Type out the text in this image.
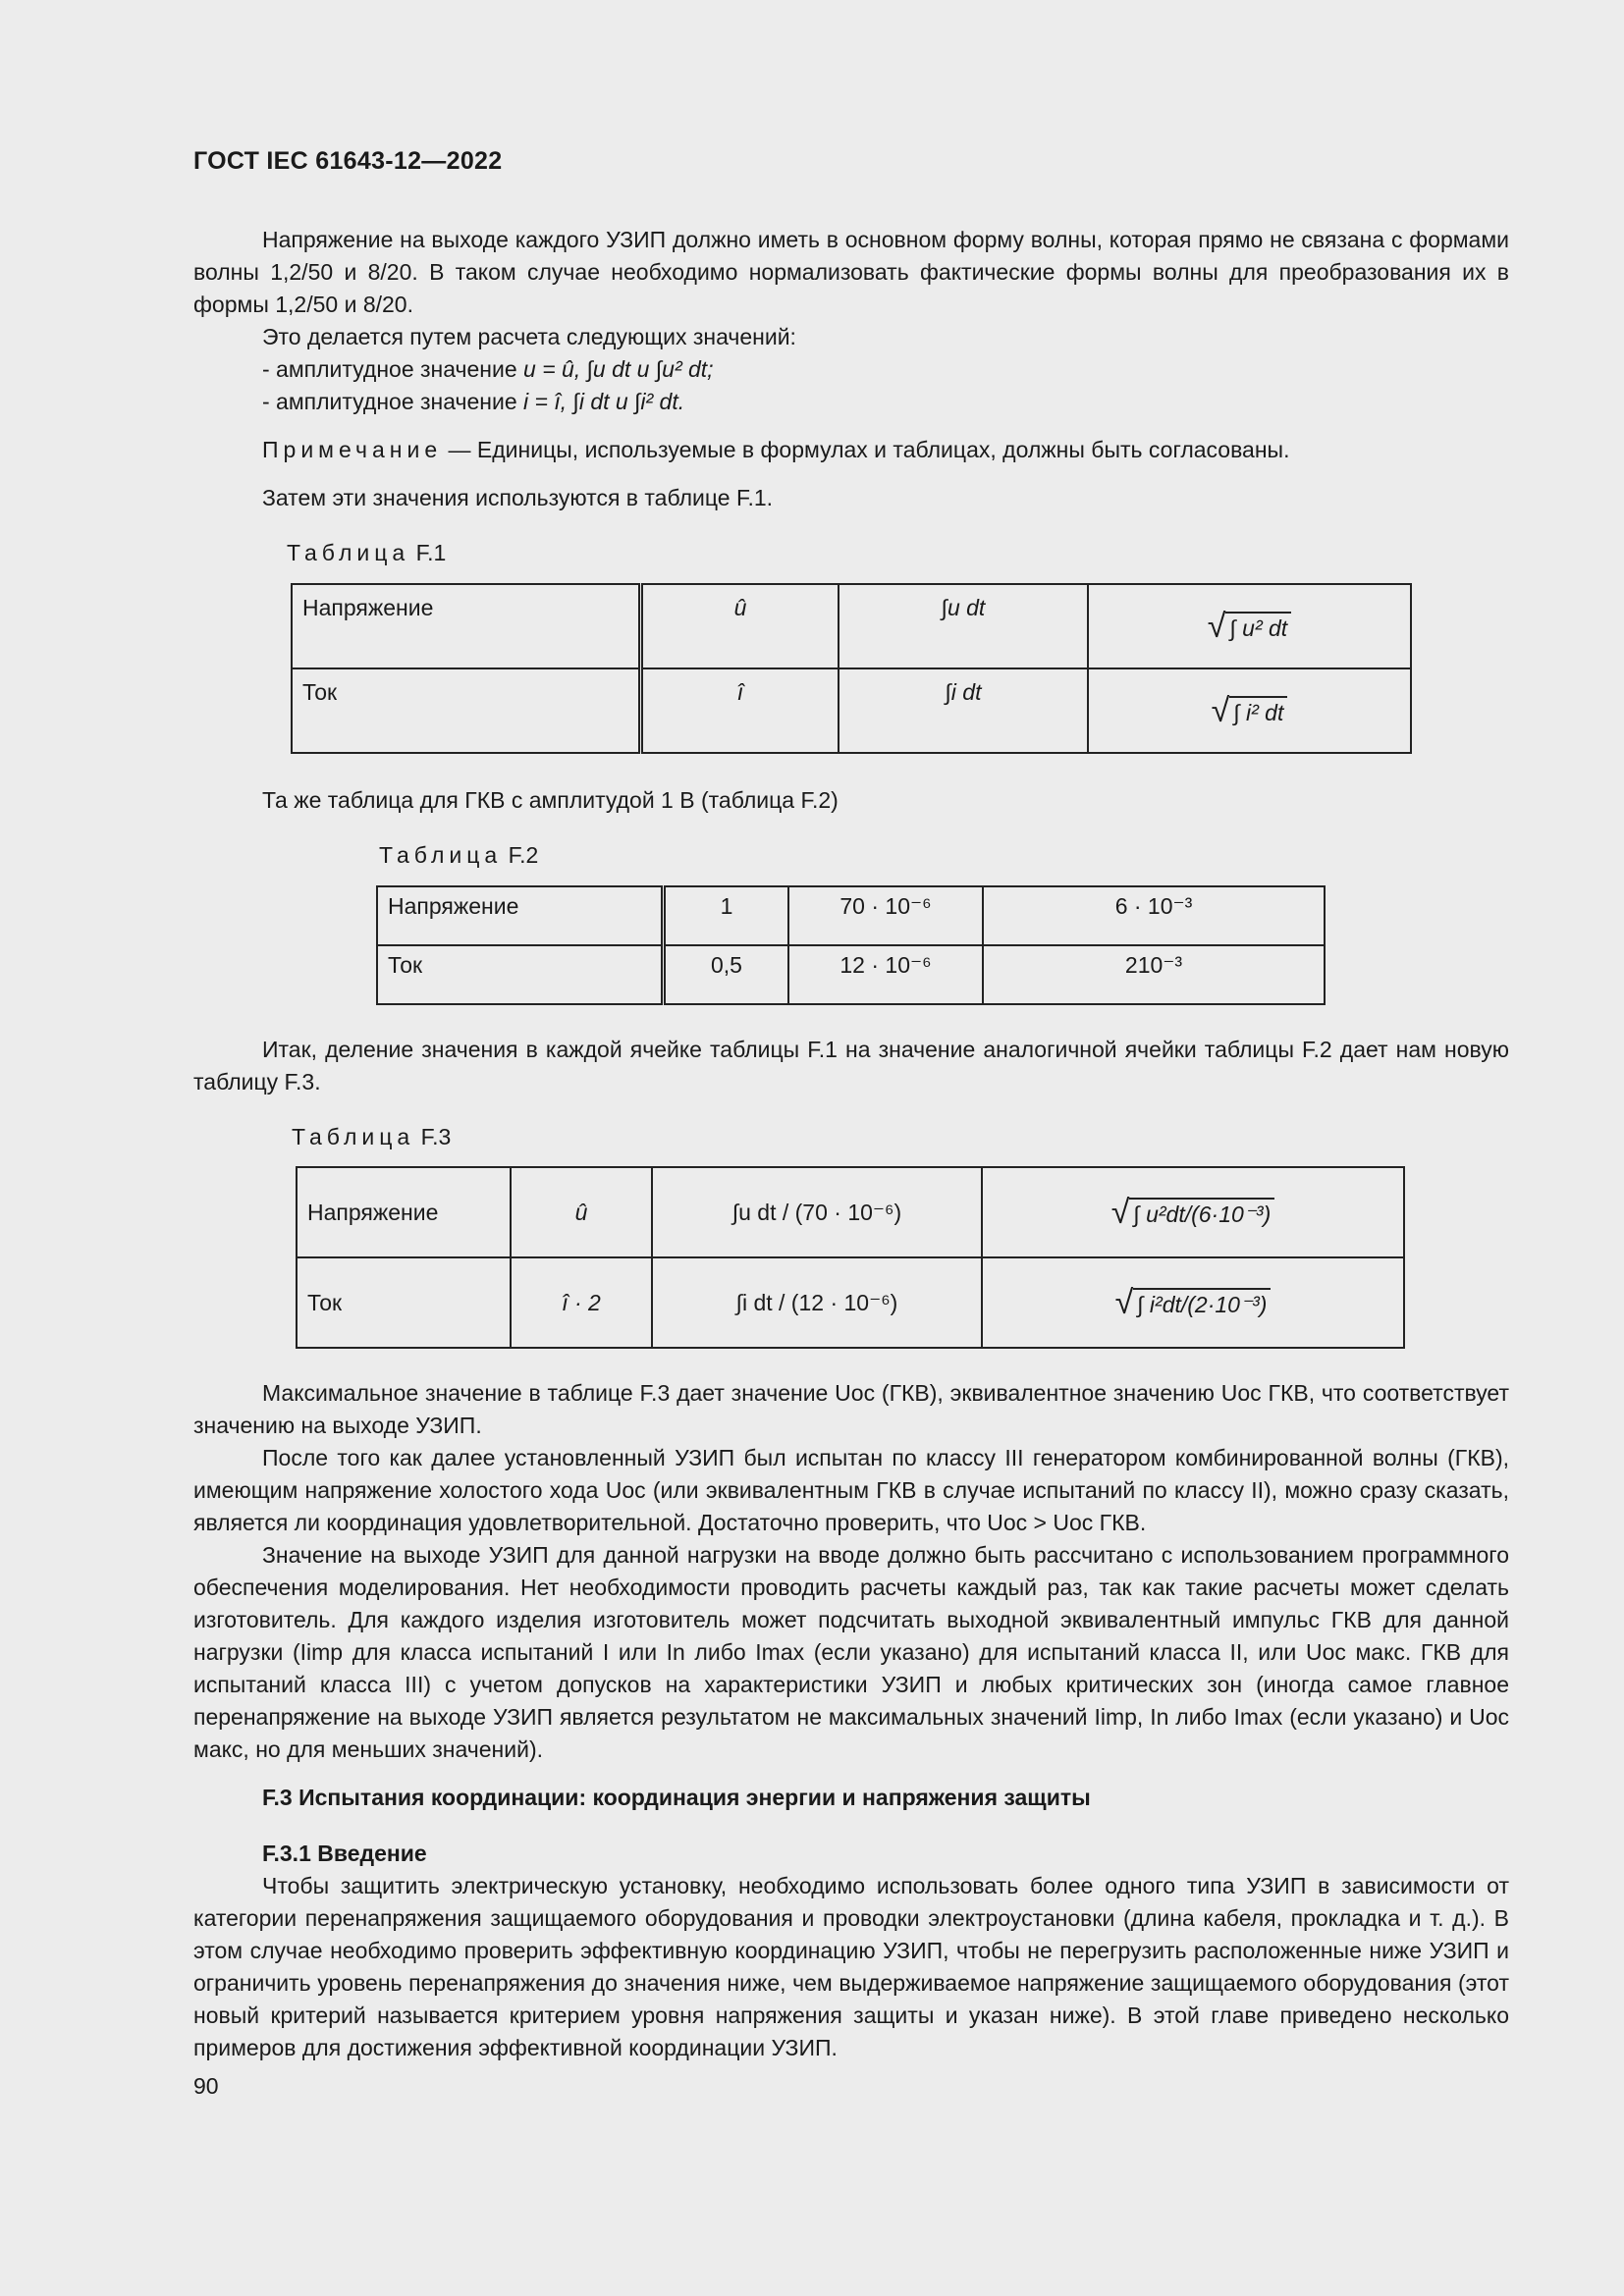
ГОСТ IEC 61643-12—2022
Напряжение на выходе каждого УЗИП должно иметь в основном форму волны, которая прямо не связана с формами волны 1,2/50 и 8/20. В таком случае необходимо нормализовать фактические формы волны для преобразования их в формы 1,2/50 и 8/20.
Это делается путем расчета следующих значений:
- амплитудное значение u = û, ∫u dt и ∫u² dt;
- амплитудное значение i = î, ∫i dt и ∫i² dt.
Примечание — Единицы, используемые в формулах и таблицах, должны быть согласованы.
Затем эти значения используются в таблице F.1.
Таблица F.1
Напряжение	û	∫u dt	√ ∫ u² dt

Ток	î	∫i dt	√ ∫ i² dt
Та же таблица для ГКВ с амплитудой 1 В (таблица F.2)
Таблица F.2
Напряжение	1	70 · 10⁻⁶	6 · 10⁻³
Ток	0,5	12 · 10⁻⁶	210⁻³
Итак, деление значения в каждой ячейке таблицы F.1 на значение аналогичной ячейки таблицы F.2 дает нам новую таблицу F.3.
Таблица F.3
Напряжение	û	∫u dt / (70 · 10⁻⁶)	√ ∫ u²dt/(6·10⁻³)

Ток	î · 2	∫i dt / (12 · 10⁻⁶)	√ ∫ i²dt/(2·10⁻³)
Максимальное значение в таблице F.3 дает значение Uoc (ГКВ), эквивалентное значению Uoc ГКВ, что соответствует значению на выходе УЗИП.
После того как далее установленный УЗИП был испытан по классу III генератором комбинированной волны (ГКВ), имеющим напряжение холостого хода Uoc (или эквивалентным ГКВ в случае испытаний по классу II), можно сразу сказать, является ли координация удовлетворительной. Достаточно проверить, что Uoc > Uoc ГКВ.
Значение на выходе УЗИП для данной нагрузки на вводе должно быть рассчитано с использованием программного обеспечения моделирования. Нет необходимости проводить расчеты каждый раз, так как такие расчеты может сделать изготовитель. Для каждого изделия изготовитель может подсчитать выходной эквивалентный импульс ГКВ для данной нагрузки (Iimp для класса испытаний I или In либо Imax (если указано) для испытаний класса II, или Uoc макс. ГКВ для испытаний класса III) с учетом допусков на характеристики УЗИП и любых критических зон (иногда самое главное перенапряжение на выходе УЗИП является результатом не максимальных значений Iimp, In либо Imax (если указано) и Uoc макс, но для меньших значений).
F.3 Испытания координации: координация энергии и напряжения защиты
F.3.1 Введение
Чтобы защитить электрическую установку, необходимо использовать более одного типа УЗИП в зависимости от категории перенапряжения защищаемого оборудования и проводки электроустановки (длина кабеля, прокладка и т. д.). В этом случае необходимо проверить эффективную координацию УЗИП, чтобы не перегрузить расположенные ниже УЗИП и ограничить уровень перенапряжения до значения ниже, чем выдерживаемое напряжение защищаемого оборудования (этот новый критерий называется критерием уровня напряжения защиты и указан ниже). В этой главе приведено несколько примеров для достижения эффективной координации УЗИП.
90
